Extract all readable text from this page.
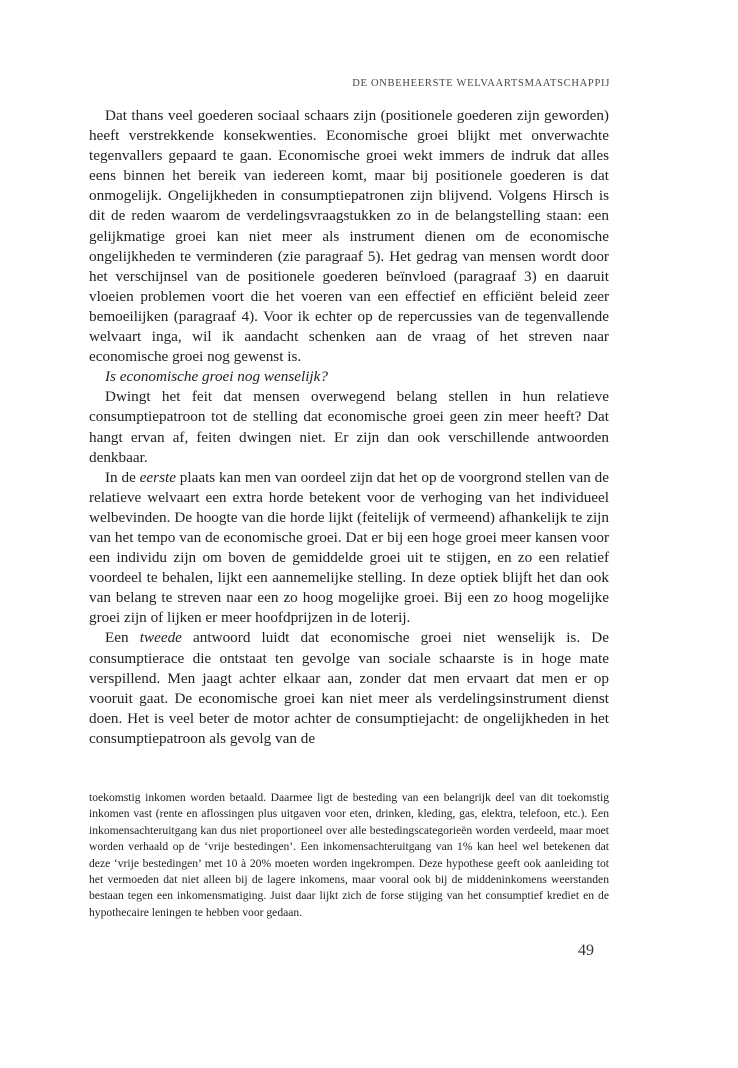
DE ONBEHEERSTE WELVAARTSMAATSCHAPPIJ

Dat thans veel goederen sociaal schaars zijn (positionele goederen zijn geworden) heeft verstrekkende konsekwenties. Economische groei blijkt met onverwachte tegenvallers gepaard te gaan. Economische groei wekt immers de indruk dat alles eens binnen het bereik van iedereen komt, maar bij positionele goederen is dat onmogelijk. Ongelijkheden in consumptiepatronen zijn blijvend. Volgens Hirsch is dit de reden waarom de verdelingsvraagstukken zo in de belangstelling staan: een gelijkmatige groei kan niet meer als instrument dienen om de economische ongelijkheden te verminderen (zie paragraaf 5). Het gedrag van mensen wordt door het verschijnsel van de positionele goederen beïnvloed (paragraaf 3) en daaruit vloeien problemen voort die het voeren van een effectief en efficiënt beleid zeer bemoeilijken (paragraaf 4). Voor ik echter op de repercussies van de tegenvallende welvaart inga, wil ik aandacht schenken aan de vraag of het streven naar economische groei nog gewenst is.

Is economische groei nog wenselijk?

Dwingt het feit dat mensen overwegend belang stellen in hun relatieve consumptiepatroon tot de stelling dat economische groei geen zin meer heeft? Dat hangt ervan af, feiten dwingen niet. Er zijn dan ook verschillende antwoorden denkbaar.

In de eerste plaats kan men van oordeel zijn dat het op de voorgrond stellen van de relatieve welvaart een extra horde betekent voor de verhoging van het individueel welbevinden. De hoogte van die horde lijkt (feitelijk of vermeend) afhankelijk te zijn van het tempo van de economische groei. Dat er bij een hoge groei meer kansen voor een individu zijn om boven de gemiddelde groei uit te stijgen, en zo een relatief voordeel te behalen, lijkt een aannemelijke stelling. In deze optiek blijft het dan ook van belang te streven naar een zo hoog mogelijke groei. Bij een zo hoog mogelijke groei zijn of lijken er meer hoofdprijzen in de loterij.

Een tweede antwoord luidt dat economische groei niet wenselijk is. De consumptierace die ontstaat ten gevolge van sociale schaarste is in hoge mate verspillend. Men jaagt achter elkaar aan, zonder dat men ervaart dat men er op vooruit gaat. De economische groei kan niet meer als verdelingsinstrument dienst doen. Het is veel beter de motor achter de consumptiejacht: de ongelijkheden in het consumptiepatroon als gevolg van de

toekomstig inkomen worden betaald. Daarmee ligt de besteding van een belangrijk deel van dit toekomstig inkomen vast (rente en aflossingen plus uitgaven voor eten, drinken, kleding, gas, elektra, telefoon, etc.). Een inkomensachteruitgang kan dus niet proportioneel over alle bestedingscategorieën worden verdeeld, maar moet worden verhaald op de ‘vrije bestedingen’. Een inkomensachteruitgang van 1% kan heel wel betekenen dat deze ‘vrije bestedingen’ met 10 à 20% moeten worden ingekrompen. Deze hypothese geeft ook aanleiding tot het vermoeden dat niet alleen bij de lagere inkomens, maar vooral ook bij de middeninkomens weerstanden bestaan tegen een inkomensmatiging. Juist daar lijkt zich de forse stijging van het consumptief krediet en de hypothecaire leningen te hebben voor gedaan.

49
